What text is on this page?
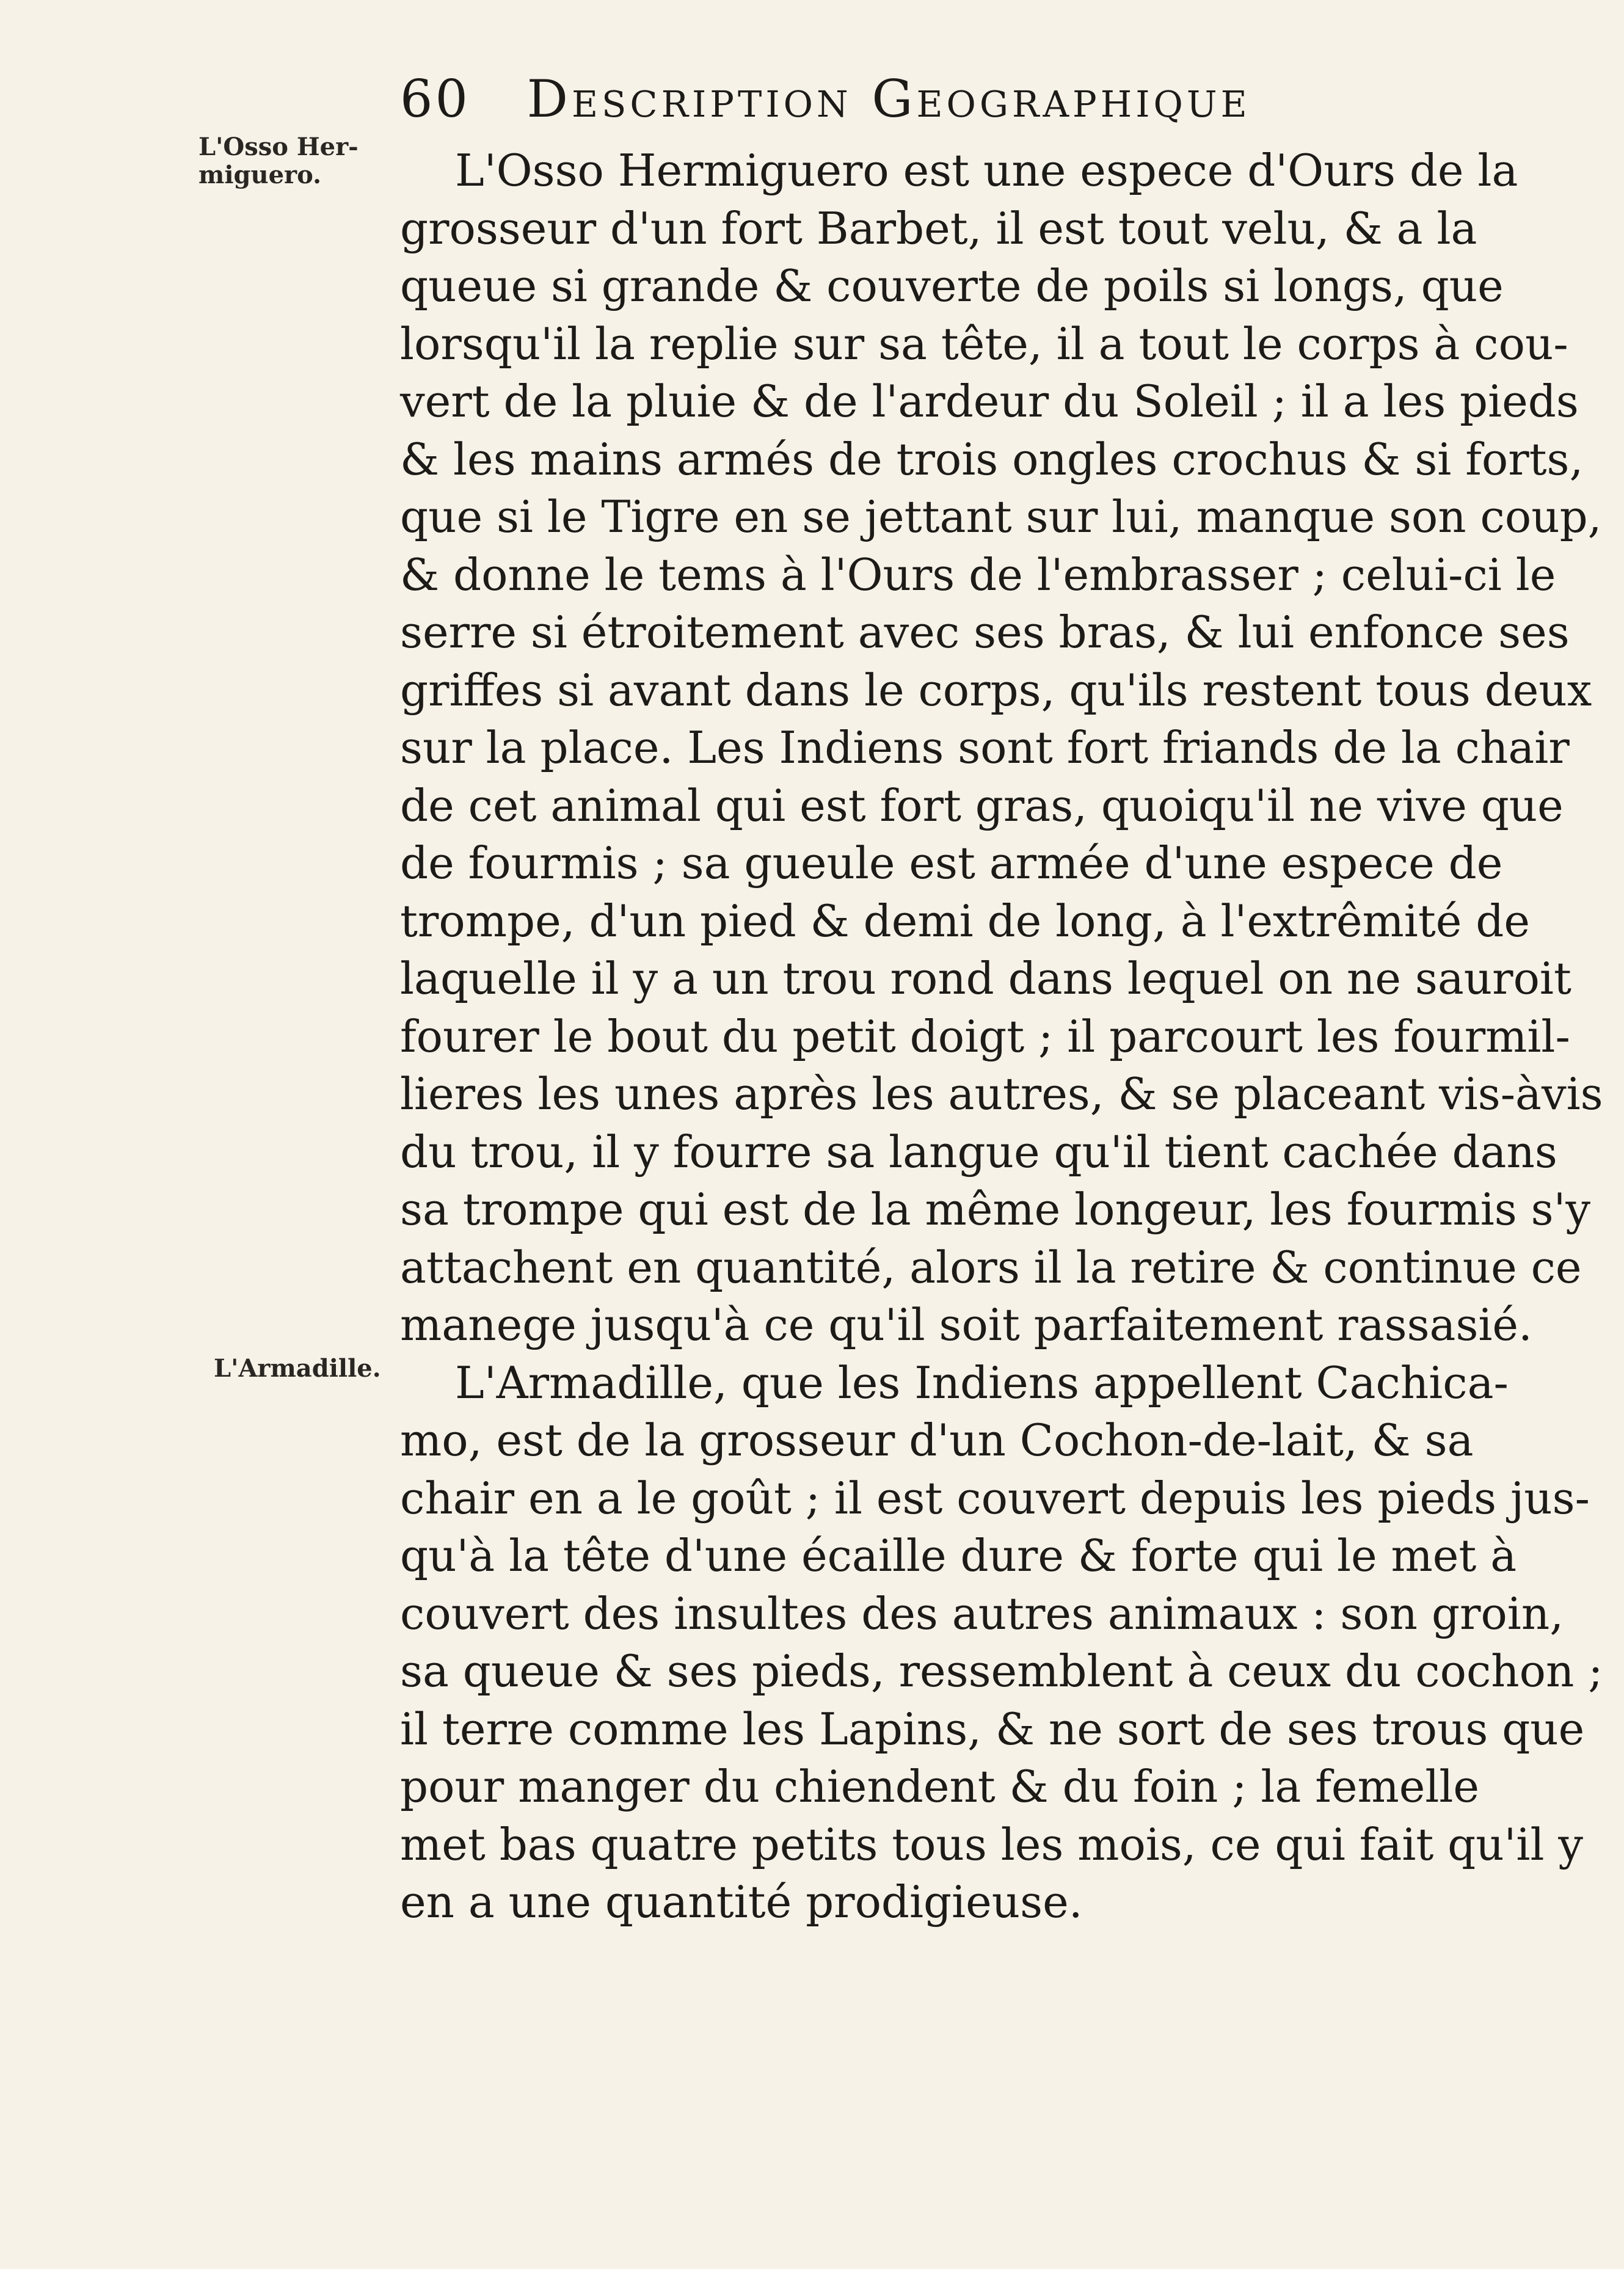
60 Description Geographique
L'Osso Her-
miguero.
L'Armadille.
L'Osso Hermiguero est une espece d'Ours de la
grosseur d'un fort Barbet, il est tout velu, & a la
queue si grande & couverte de poils si longs, que
lorsqu'il la replie sur sa tête, il a tout le corps à cou-
vert de la pluie & de l'ardeur du Soleil ; il a les pieds
& les mains armés de trois ongles crochus & si forts,
que si le Tigre en se jettant sur lui, manque son coup,
& donne le tems à l'Ours de l'embrasser ; celui-ci le
serre si étroitement avec ses bras, & lui enfonce ses
griffes si avant dans le corps, qu'ils restent tous deux
sur la place. Les Indiens sont fort friands de la chair
de cet animal qui est fort gras, quoiqu'il ne vive que
de fourmis ; sa gueule est armée d'une espece de
trompe, d'un pied & demi de long, à l'extrêmité de
laquelle il y a un trou rond dans lequel on ne sauroit
fourer le bout du petit doigt ; il parcourt les fourmil-
lieres les unes après les autres, & se placeant vis-àvis
du trou, il y fourre sa langue qu'il tient cachée dans
sa trompe qui est de la même longeur, les fourmis s'y
attachent en quantité, alors il la retire & continue ce
manege jusqu'à ce qu'il soit parfaitement rassasié.
L'Armadille, que les Indiens appellent Cachica-
mo, est de la grosseur d'un Cochon-de-lait, & sa
chair en a le goût ; il est couvert depuis les pieds jus-
qu'à la tête d'une écaille dure & forte qui le met à
couvert des insultes des autres animaux : son groin,
sa queue & ses pieds, ressemblent à ceux du cochon ;
il terre comme les Lapins, & ne sort de ses trous que
pour manger du chiendent & du foin ; la femelle
met bas quatre petits tous les mois, ce qui fait qu'il y
en a une quantité prodigieuse.
